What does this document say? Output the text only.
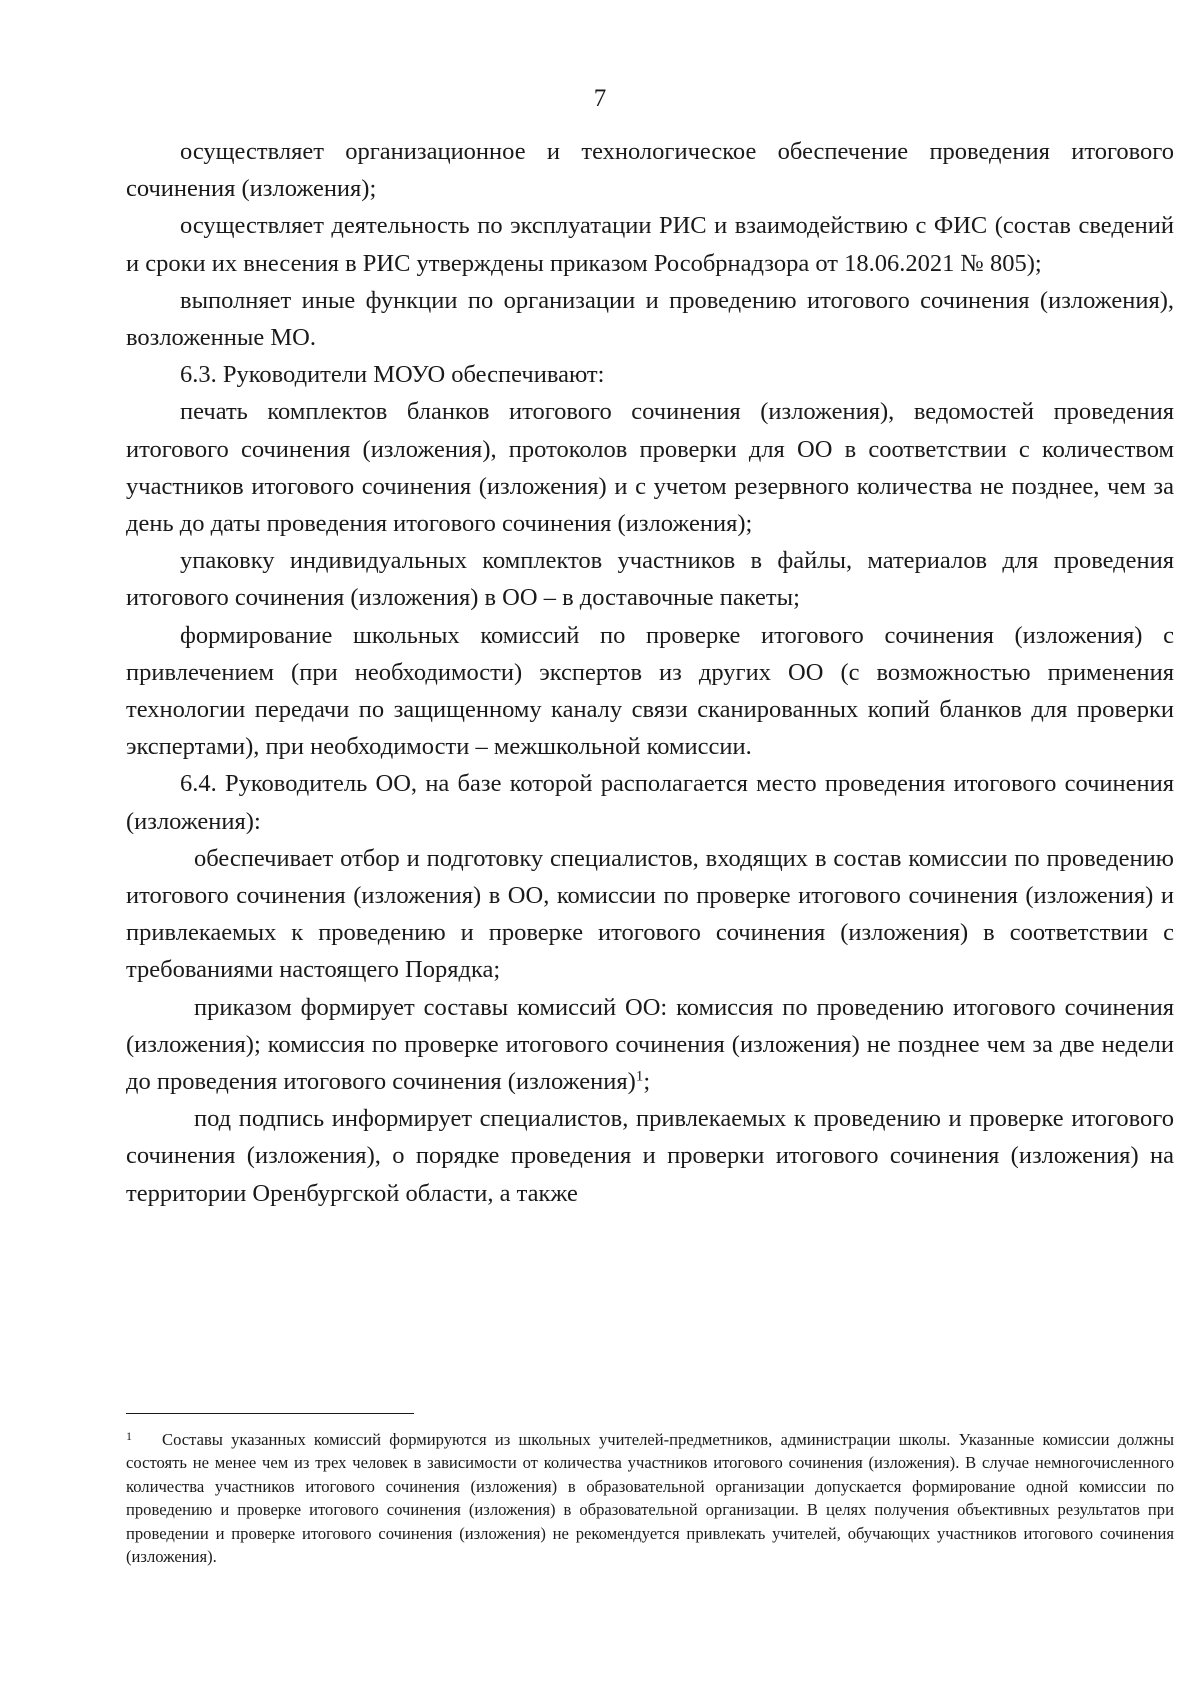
7

осуществляет организационное и технологическое обеспечение проведения итогового сочинения (изложения);

осуществляет деятельность по эксплуатации РИС и взаимодействию с ФИС (состав сведений и сроки их внесения в РИС утверждены приказом Рособрнадзора от 18.06.2021 № 805);

выполняет иные функции по организации и проведению итогового сочинения (изложения), возложенные МО.

6.3. Руководители МОУО обеспечивают:

печать комплектов бланков итогового сочинения (изложения), ведомостей проведения итогового сочинения (изложения), протоколов проверки для ОО в соответствии с количеством участников итогового сочинения (изложения) и с учетом резервного количества не позднее, чем за день до даты проведения итогового сочинения (изложения);

упаковку индивидуальных комплектов участников в файлы, материалов для проведения итогового сочинения (изложения) в ОО – в доставочные пакеты;

формирование школьных комиссий по проверке итогового сочинения (изложения) с привлечением (при необходимости) экспертов из других ОО (с возможностью применения технологии передачи по защищенному каналу связи сканированных копий бланков для проверки экспертами), при необходимости – межшкольной комиссии.

6.4. Руководитель ОО, на базе которой располагается место проведения итогового сочинения (изложения):

обеспечивает отбор и подготовку специалистов, входящих в состав комиссии по проведению итогового сочинения (изложения) в ОО, комиссии по проверке итогового сочинения (изложения) и привлекаемых к проведению и проверке итогового сочинения (изложения) в соответствии с требованиями настоящего Порядка;

приказом формирует составы комиссий ОО: комиссия по проведению итогового сочинения (изложения); комиссия по проверке итогового сочинения (изложения) не позднее чем за две недели до проведения итогового сочинения (изложения)$^1$;

под подпись информирует специалистов, привлекаемых к проведению и проверке итогового сочинения (изложения), о порядке проведения и проверки итогового сочинения (изложения) на территории Оренбургской области, а также

1 Составы указанных комиссий формируются из школьных учителей-предметников, администрации школы. Указанные комиссии должны состоять не менее чем из трех человек в зависимости от количества участников итогового сочинения (изложения). В случае немногочисленного количества участников итогового сочинения (изложения) в образовательной организации допускается формирование одной комиссии по проведению и проверке итогового сочинения (изложения) в образовательной организации. В целях получения объективных результатов при проведении и проверке итогового сочинения (изложения) не рекомендуется привлекать учителей, обучающих участников итогового сочинения (изложения).
